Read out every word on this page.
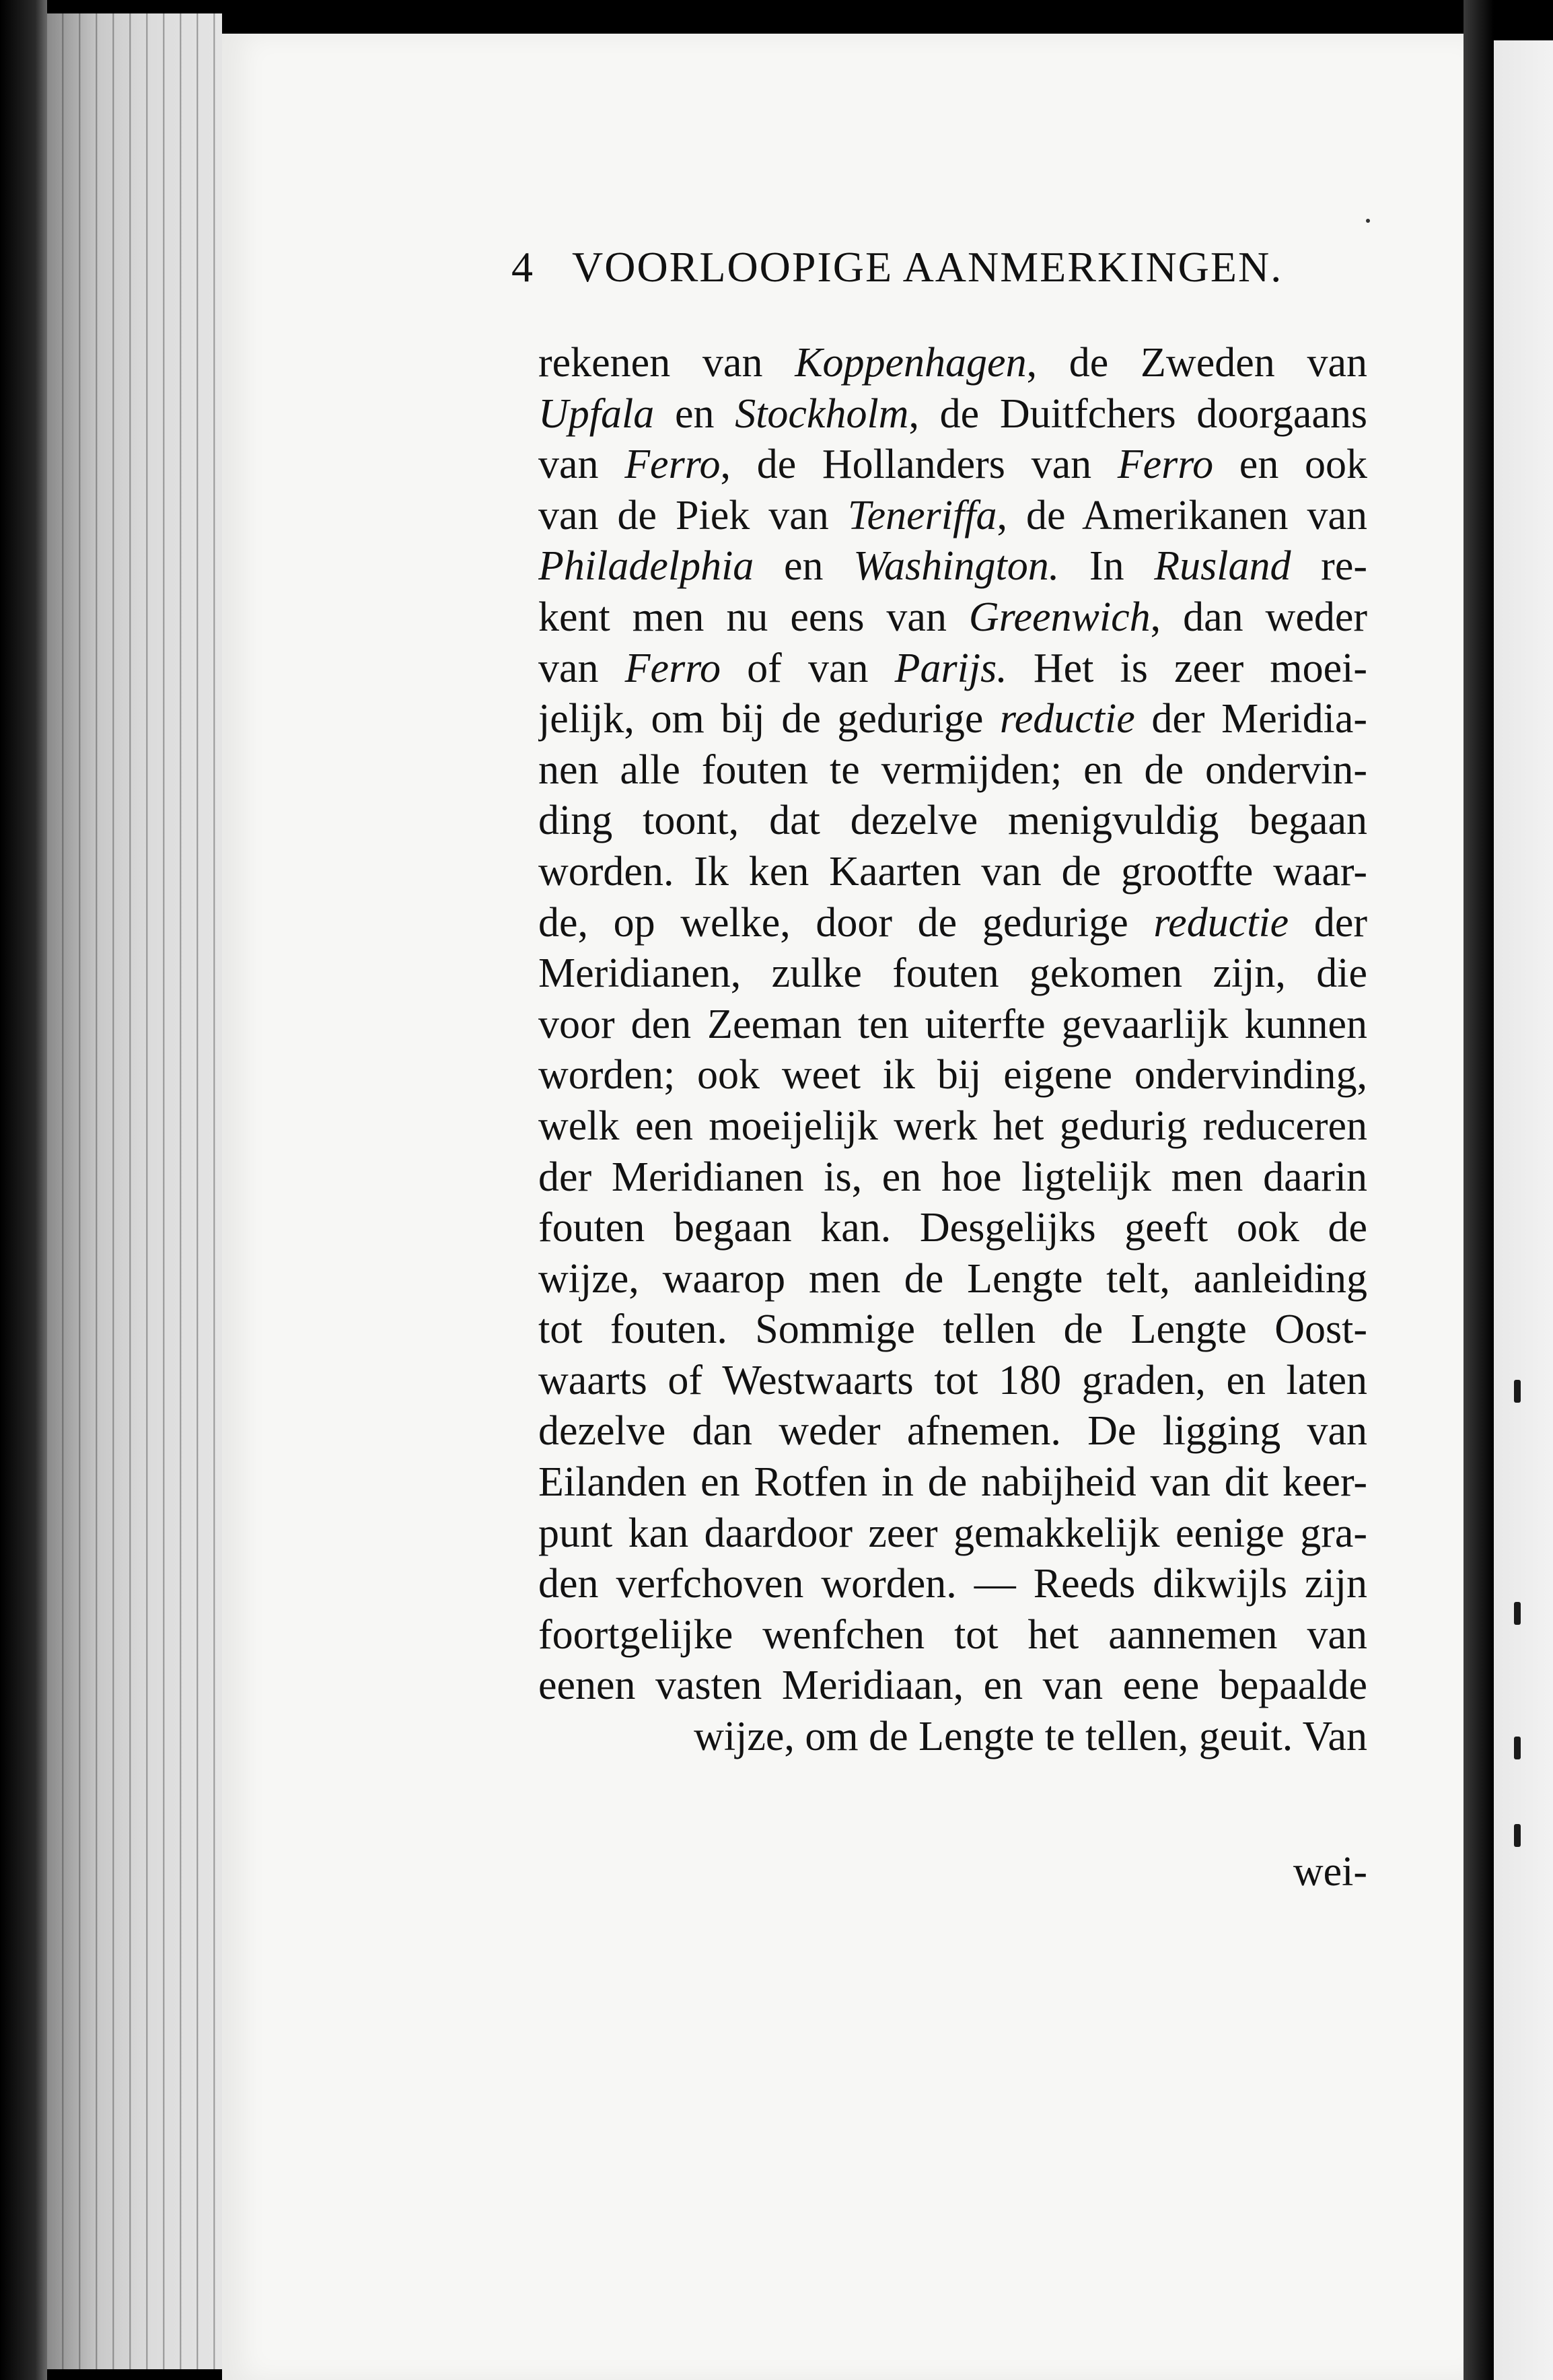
4 VOORLOOPIGE AANMERKINGEN.
rekenen van Koppenhagen, de Zweden van
Upfala en Stockholm, de Duitfchers doorgaans
van Ferro, de Hollanders van Ferro en ook
van de Piek van Teneriffa, de Amerikanen van
Philadelphia en Washington. In Rusland re-
kent men nu eens van Greenwich, dan weder
van Ferro of van Parijs. Het is zeer moei-
jelijk, om bij de gedurige reductie der Meridia-
nen alle fouten te vermijden; en de ondervin-
ding toont, dat dezelve menigvuldig begaan
worden. Ik ken Kaarten van de grootfte waar-
de, op welke, door de gedurige reductie der
Meridianen, zulke fouten gekomen zijn, die
voor den Zeeman ten uiterfte gevaarlijk kunnen
worden; ook weet ik bij eigene ondervinding,
welk een moeijelijk werk het gedurig reduceren
der Meridianen is, en hoe ligtelijk men daarin
fouten begaan kan. Desgelijks geeft ook de
wijze, waarop men de Lengte telt, aanleiding
tot fouten. Sommige tellen de Lengte Oost-
waarts of Westwaarts tot 180 graden, en laten
dezelve dan weder afnemen. De ligging van
Eilanden en Rotfen in de nabijheid van dit keer-
punt kan daardoor zeer gemakkelijk eenige gra-
den verfchoven worden. — Reeds dikwijls zijn
foortgelijke wenfchen tot het aannemen van
eenen vasten Meridiaan, en van eene bepaalde
wijze, om de Lengte te tellen, geuit. Van
wei-
